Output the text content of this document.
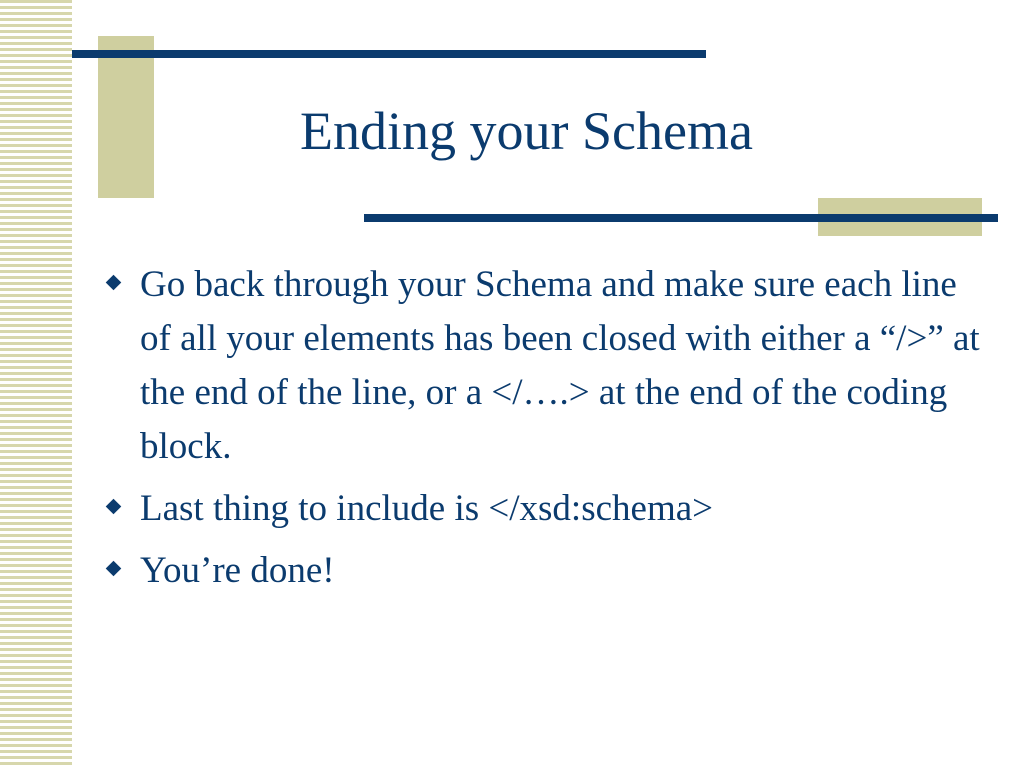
Ending your Schema

Go back through your Schema and make sure each line of all your elements has been closed with either a “/>” at the end of the line, or a </….> at the end of the coding block.

Last thing to include is </xsd:schema>

You’re done!
